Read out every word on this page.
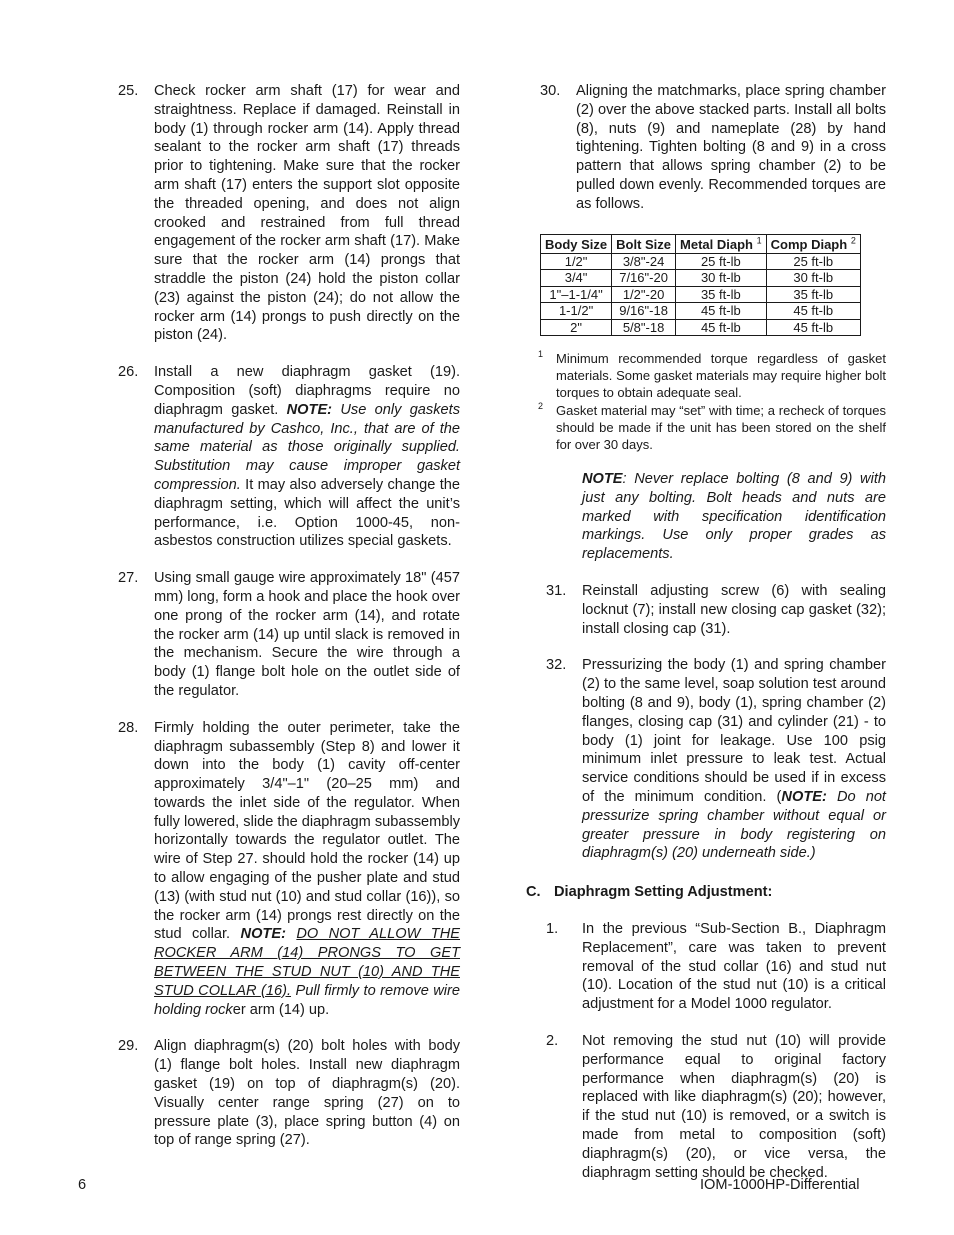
25. Check rocker arm shaft (17) for wear and straightness. Replace if damaged. Reinstall in body (1) through rocker arm (14). Apply thread sealant to the rocker arm shaft (17) threads prior to tightening. Make sure that the rocker arm shaft (17) enters the support slot opposite the threaded opening, and does not align crooked and restrained from full thread engagement of the rocker arm shaft (17). Make sure that the rocker arm (14) prongs that straddle the piston (24) hold the piston collar (23) against the piston (24); do not allow the rocker arm (14) prongs to push directly on the piston (24).

26. Install a new diaphragm gasket (19). Composition (soft) diaphragms require no diaphragm gasket. NOTE: Use only gaskets manufactured by Cashco, Inc., that are of the same material as those originally supplied. Substitution may cause improper gasket compression. It may also adversely change the diaphragm setting, which will affect the unit’s performance, i.e. Option 1000-45, non-asbestos construction utilizes special gaskets.

27. Using small gauge wire approximately 18" (457 mm) long, form a hook and place the hook over one prong of the rocker arm (14), and rotate the rocker arm (14) up until slack is removed in the mechanism. Secure the wire through a body (1) flange bolt hole on the outlet side of the regulator.

28. Firmly holding the outer perimeter, take the diaphragm subassembly (Step 8) and lower it down into the body (1) cavity off-center approximately 3/4"–1" (20–25 mm) and towards the inlet side of the regulator. When fully lowered, slide the diaphragm subassembly horizontally towards the regulator outlet. The wire of Step 27. should hold the rocker (14) up to allow engaging of the pusher plate and stud (13) (with stud nut (10) and stud collar (16)), so the rocker arm (14) prongs rest directly on the stud collar. NOTE: DO NOT ALLOW THE ROCKER ARM (14) PRONGS TO GET BETWEEN THE STUD NUT (10) AND THE STUD COLLAR (16). Pull firmly to remove wire holding rocker arm (14) up.

29. Align diaphragm(s) (20) bolt holes with body (1) flange bolt holes. Install new diaphragm gasket (19) on top of diaphragm(s) (20). Visually center range spring (27) on to pressure plate (3), place spring button (4) on top of range spring (27).

30. Aligning the matchmarks, place spring chamber (2) over the above stacked parts. Install all bolts (8), nuts (9) and nameplate (28) by hand tightening. Tighten bolting (8 and 9) in a cross pattern that allows spring chamber (2) to be pulled down evenly. Recommended torques are as follows.

Body Size	Bolt Size	Metal Diaph $^1$	Comp Diaph $^2$
1/2"	3/8"-24	25 ft-lb	25 ft-lb
3/4"	7/16"-20	30 ft-lb	30 ft-lb
1"–1-1/4"	1/2"-20	35 ft-lb	35 ft-lb
1-1/2"	9/16"-18	45 ft-lb	45 ft-lb
2"	5/8"-18	45 ft-lb	45 ft-lb
1 Minimum recommended torque regardless of gasket materials. Some gasket materials may require higher bolt torques to obtain adequate seal.
2 Gasket material may “set” with time; a recheck of torques should be made if the unit has been stored on the shelf for over 30 days.

NOTE: Never replace bolting (8 and 9) with just any bolting. Bolt heads and nuts are marked with specification identification markings. Use only proper grades as replacements.

31. Reinstall adjusting screw (6) with sealing locknut (7); install new closing cap gasket (32); install closing cap (31).

32. Pressurizing the body (1) and spring chamber (2) to the same level, soap solution test around bolting (8 and 9), body (1), spring chamber (2) flanges, closing cap (31) and cylinder (21) - to body (1) joint for leakage. Use 100 psig minimum inlet pressure to leak test. Actual service conditions should be used if in excess of the minimum condition. (NOTE: Do not pressurize spring chamber without equal or greater pressure in body registering on diaphragm(s) (20) underneath side.)

C. Diaphragm Setting Adjustment:

1. In the previous “Sub-Section B., Diaphragm Replacement”, care was taken to prevent removal of the stud collar (16) and stud nut (10). Location of the stud nut (10) is a critical adjustment for a Model 1000 regulator.

2. Not removing the stud nut (10) will provide performance equal to original factory performance when diaphragm(s) (20) is replaced with like diaphragm(s) (20); however, if the stud nut (10) is removed, or a switch is made from metal to composition (soft) diaphragm(s) (20), or vice versa, the diaphragm setting should be checked.

6	IOM-1000HP-Differential
